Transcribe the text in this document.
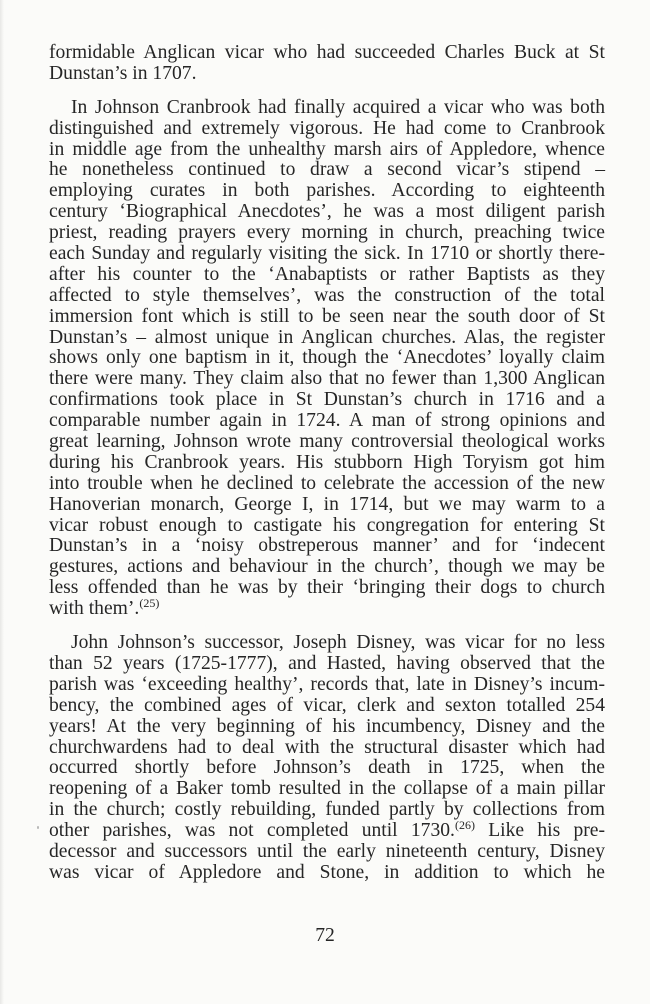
formidable Anglican vicar who had succeeded Charles Buck at St
Dunstan’s in 1707.
In Johnson Cranbrook had finally acquired a vicar who was both
distinguished and extremely vigorous. He had come to Cranbrook
in middle age from the unhealthy marsh airs of Appledore, whence
he nonetheless continued to draw a second vicar’s stipend –
employing curates in both parishes. According to eighteenth
century ‘Biographical Anecdotes’, he was a most diligent parish
priest, reading prayers every morning in church, preaching twice
each Sunday and regularly visiting the sick. In 1710 or shortly there-
after his counter to the ‘Anabaptists or rather Baptists as they
affected to style themselves’, was the construction of the total
immersion font which is still to be seen near the south door of St
Dunstan’s – almost unique in Anglican churches. Alas, the register
shows only one baptism in it, though the ‘Anecdotes’ loyally claim
there were many. They claim also that no fewer than 1,300 Anglican
confirmations took place in St Dunstan’s church in 1716 and a
comparable number again in 1724. A man of strong opinions and
great learning, Johnson wrote many controversial theological works
during his Cranbrook years. His stubborn High Toryism got him
into trouble when he declined to celebrate the accession of the new
Hanoverian monarch, George I, in 1714, but we may warm to a
vicar robust enough to castigate his congregation for entering St
Dunstan’s in a ‘noisy obstreperous manner’ and for ‘indecent
gestures, actions and behaviour in the church’, though we may be
less offended than he was by their ‘bringing their dogs to church
with them’.$^{(25)}$
John Johnson’s successor, Joseph Disney, was vicar for no less
than 52 years (1725-1777), and Hasted, having observed that the
parish was ‘exceeding healthy’, records that, late in Disney’s incum-
bency, the combined ages of vicar, clerk and sexton totalled 254
years! At the very beginning of his incumbency, Disney and the
churchwardens had to deal with the structural disaster which had
occurred shortly before Johnson’s death in 1725, when the
reopening of a Baker tomb resulted in the collapse of a main pillar
in the church; costly rebuilding, funded partly by collections from
other parishes, was not completed until 1730.$^{(26)}$ Like his pre-
decessor and successors until the early nineteenth century, Disney
was vicar of Appledore and Stone, in addition to which he
72
